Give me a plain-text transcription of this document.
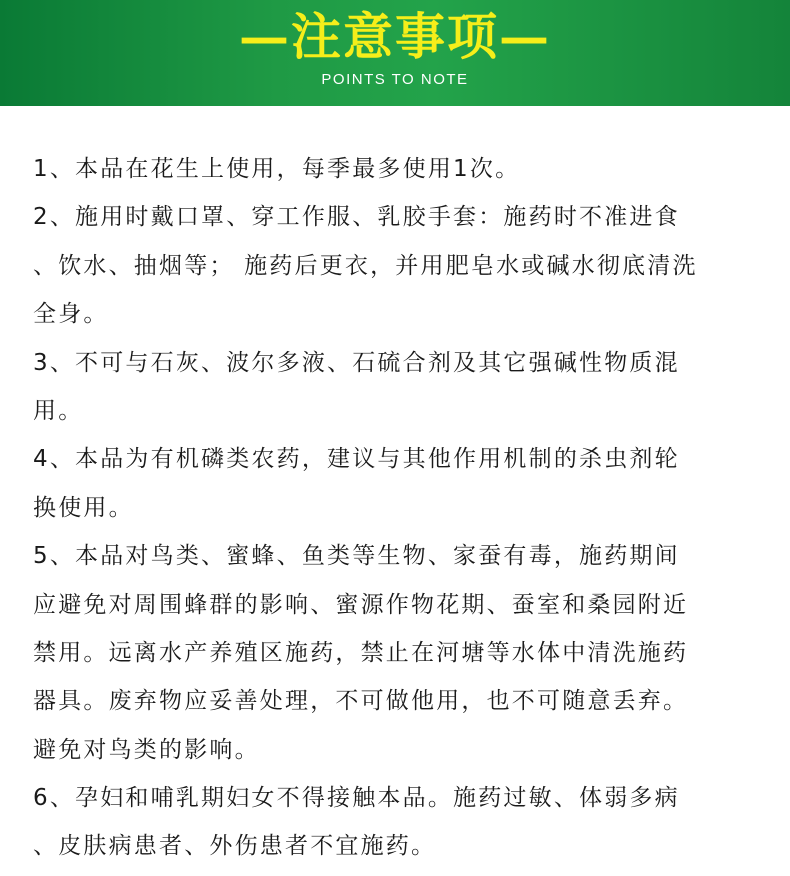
—注意事项—
POINTS TO NOTE
1、本品在花生上使用，每季最多使用1次。
2、施用时戴口罩、穿工作服、乳胶手套：施药时不准进食
、饮水、抽烟等； 施药后更衣，并用肥皂水或碱水彻底清洗
全身。
3、不可与石灰、波尔多液、石硫合剂及其它强碱性物质混
用。
4、本品为有机磷类农药，建议与其他作用机制的杀虫剂轮
换使用。
5、本品对鸟类、蜜蜂、鱼类等生物、家蚕有毒，施药期间
应避免对周围蜂群的影响、蜜源作物花期、蚕室和桑园附近
禁用。远离水产养殖区施药，禁止在河塘等水体中清洗施药
器具。废弃物应妥善处理，不可做他用，也不可随意丢弃。
避免对鸟类的影响。
6、孕妇和哺乳期妇女不得接触本品。施药过敏、体弱多病
、皮肤病患者、外伤患者不宜施药。
